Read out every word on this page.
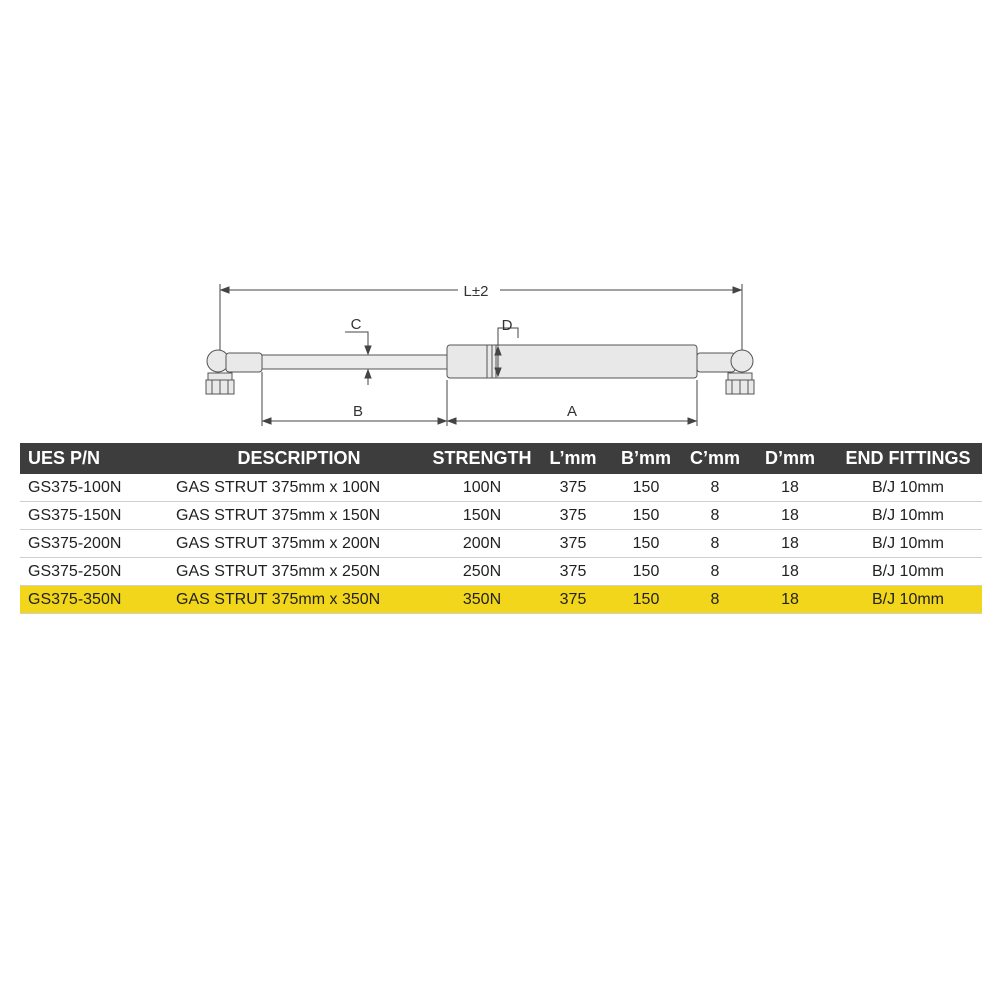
L±2
C	D
B	A
UES P/N	DESCRIPTION	STRENGTH	L’mm	B’mm	C’mm	D’mm	END FITTINGS
GS375-100N	GAS STRUT 375mm x 100N	100N	375	150	8	18	B/J 10mm
GS375-150N	GAS STRUT 375mm x 150N	150N	375	150	8	18	B/J 10mm
GS375-200N	GAS STRUT 375mm x 200N	200N	375	150	8	18	B/J 10mm
GS375-250N	GAS STRUT 375mm x 250N	250N	375	150	8	18	B/J 10mm
GS375-350N	GAS STRUT 375mm x 350N	350N	375	150	8	18	B/J 10mm
